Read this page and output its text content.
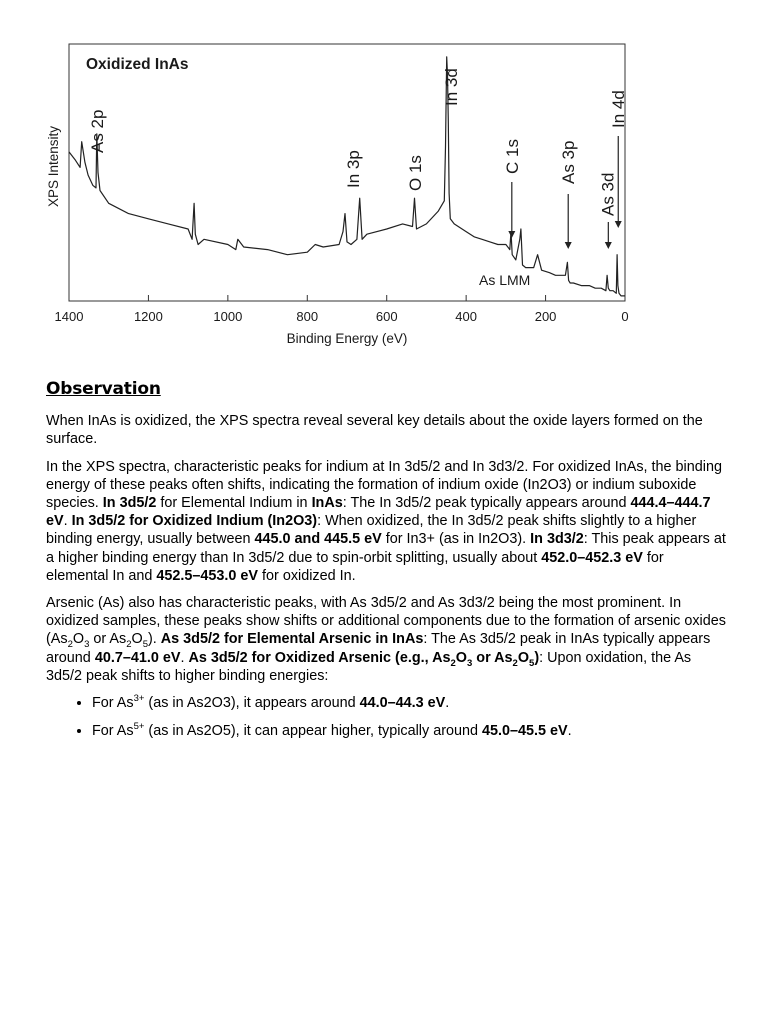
1400	1200	1000	800	600	400	200	0
Binding Energy (eV)
XPS Intensity
Oxidized InAs
As 2p
In 3p	O 1s
In 3d
C 1s As 3p
As 3d
In 4d
As LMM
Observation

When InAs is oxidized, the XPS spectra reveal several key details about the oxide layers formed on the surface.

In the XPS spectra, characteristic peaks for indium at In 3d5/2 and In 3d3/2. For oxidized InAs, the binding energy of these peaks often shifts, indicating the formation of indium oxide (In2O3) or indium suboxide species. In 3d5/2 for Elemental Indium in InAs: The In 3d5/2 peak typically appears around 444.4–444.7 eV. In 3d5/2 for Oxidized Indium (In2O3): When oxidized, the In 3d5/2 peak shifts slightly to a higher binding energy, usually between 445.0 and 445.5 eV for In3+ (as in In2O3). In 3d3/2: This peak appears at a higher binding energy than In 3d5/2 due to spin-orbit splitting, usually about 452.0–452.3 eV for elemental In and 452.5–453.0 eV for oxidized In.

Arsenic (As) also has characteristic peaks, with As 3d5/2 and As 3d3/2 being the most prominent. In oxidized samples, these peaks show shifts or additional components due to the formation of arsenic oxides ($As_2O_3$ or $As_2O_5$). As 3d5/2 for Elemental Arsenic in InAs: The As 3d5/2 peak in InAs typically appears around 40.7–41.0 eV. As 3d5/2 for Oxidized Arsenic (e.g., $As_2O_3$ or $As_2O_5$): Upon oxidation, the As 3d5/2 peak shifts to higher binding energies:

• For $As^{3+}$ (as in As2O3), it appears around 44.0–44.3 eV.
• For $As^{5+}$ (as in As2O5), it can appear higher, typically around 45.0–45.5 eV.
